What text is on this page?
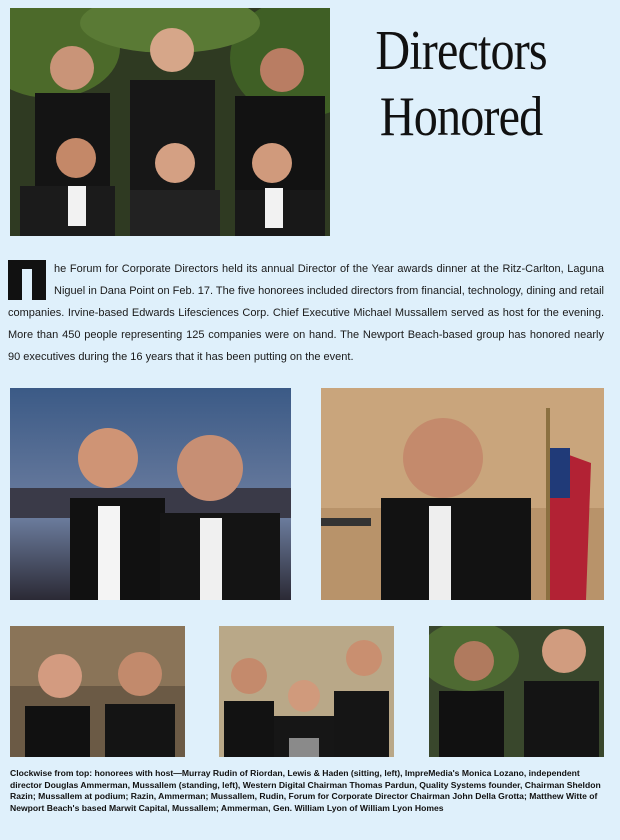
Directors
Honored
he Forum for Corporate Directors held its annual Director of the Year awards dinner at the Ritz-Carlton, Laguna Niguel in Dana Point on Feb. 17. The five honorees included directors from financial, technology, dining and retail companies. Irvine-based Edwards Lifesciences Corp. Chief Executive Michael Mussallem served as host for the evening. More than 450 people representing 125 companies were on hand. The Newport Beach-based group has honored nearly 90 executives during the 16 years that it has been putting on the event.
Clockwise from top: honorees with host—Murray Rudin of Riordan, Lewis & Haden (sitting, left), ImpreMedia's Monica Lozano, independent director Douglas Ammerman, Mussallem (standing, left), Western Digital Chairman Thomas Pardun, Quality Systems founder, Chairman Sheldon Razin; Mussallem at podium; Razin, Ammerman; Mussallem, Rudin, Forum for Corporate Director Chairman John Della Grotta; Matthew Witte of Newport Beach's based Marwit Capital, Mussallem; Ammerman, Gen. William Lyon of William Lyon Homes
